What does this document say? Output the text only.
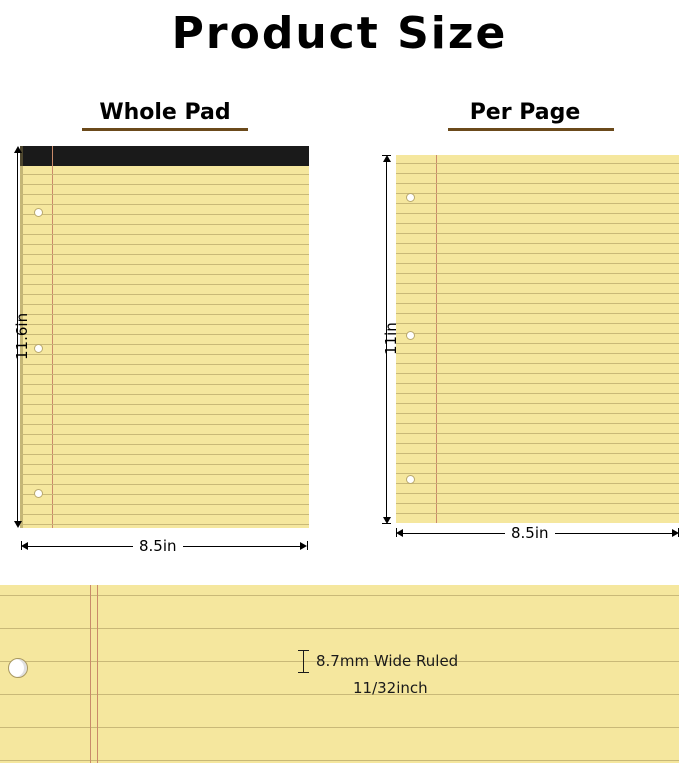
Product Size
Whole Pad	Per Page
11.6in
8.5in
11in
8.5in
8.7mm Wide Ruled
11/32inch
